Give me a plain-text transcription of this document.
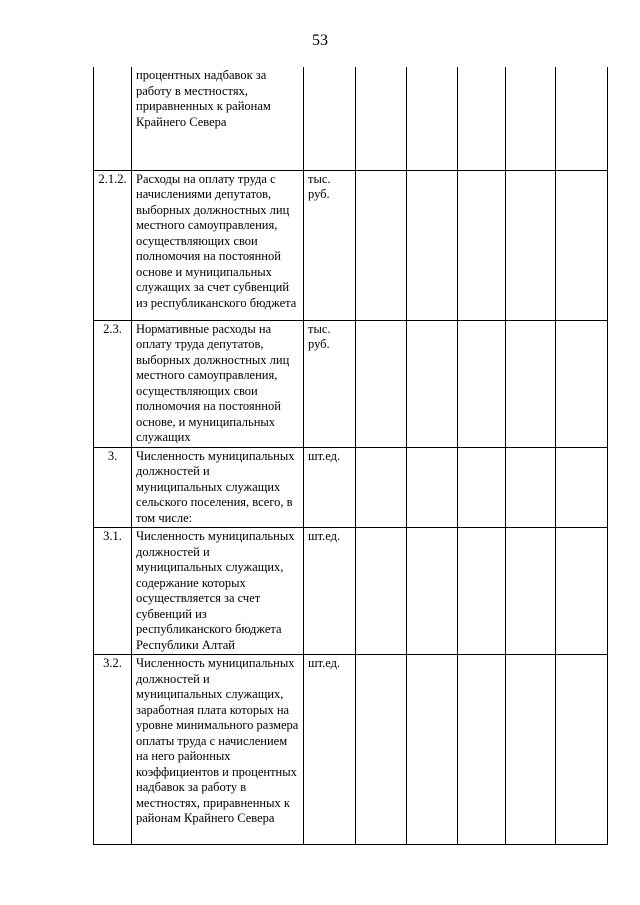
53
	процентных надбавок за работу в местностях, приравненных к районам Крайнего Севера						
2.1.2.	Расходы на оплату труда с начислениями депутатов, выборных должностных лиц местного самоуправления, осуществляющих свои полномочия на постоянной основе и муниципальных служащих за счет субвенций из республиканского бюджета	тыс. руб.					
2.3.	Нормативные расходы на оплату труда депутатов, выборных должностных лиц местного самоуправления, осуществляющих свои полномочия на постоянной основе, и муниципальных служащих	тыс. руб.					
3.	Численность муниципальных должностей и муниципальных служащих сельского поселения, всего, в том числе:	шт.ед.					
3.1.	Численность муниципальных должностей и муниципальных служащих, содержание которых осуществляется за счет субвенций из республиканского бюджета Республики Алтай	шт.ед.					
3.2.	Численность муниципальных должностей и муниципальных служащих, заработная плата которых на уровне минимального размера оплаты труда с начислением на него районных коэффициентов и процентных надбавок за работу в местностях, приравненных к районам Крайнего Севера	шт.ед.					
